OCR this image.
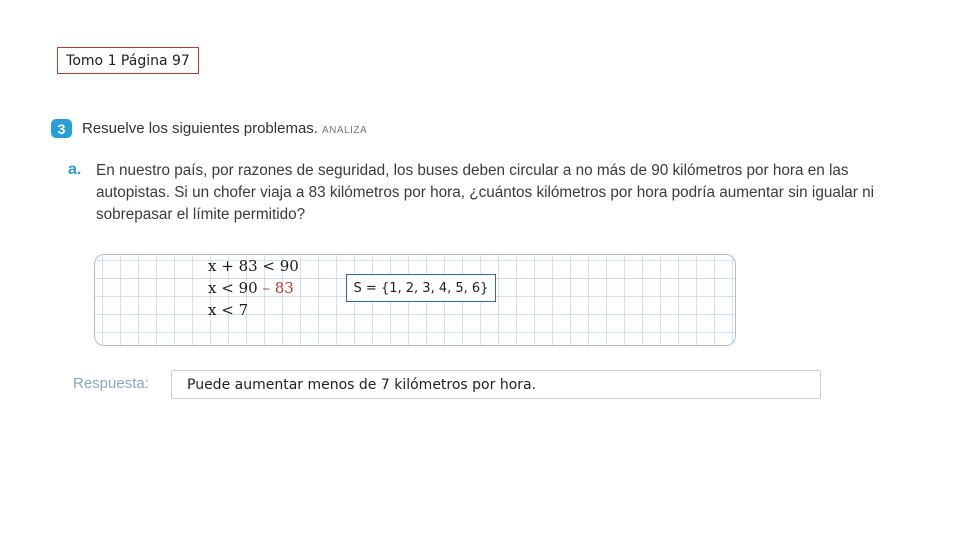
Tomo 1 Página 97
3	Resuelve los siguientes problemas. ANALIZA
a. En nuestro país, por razones de seguridad, los buses deben circular a no más de 90 kilómetros por hora en las autopistas. Si un chofer viaja a 83 kilómetros por hora, ¿cuántos kilómetros por hora podría aumentar sin igualar ni sobrepasar el límite permitido?
x + 83 < 90
x < 90 – 83
x < 7
S = {1, 2, 3, 4, 5, 6}
Respuesta:	Puede aumentar menos de 7 kilómetros por hora.
